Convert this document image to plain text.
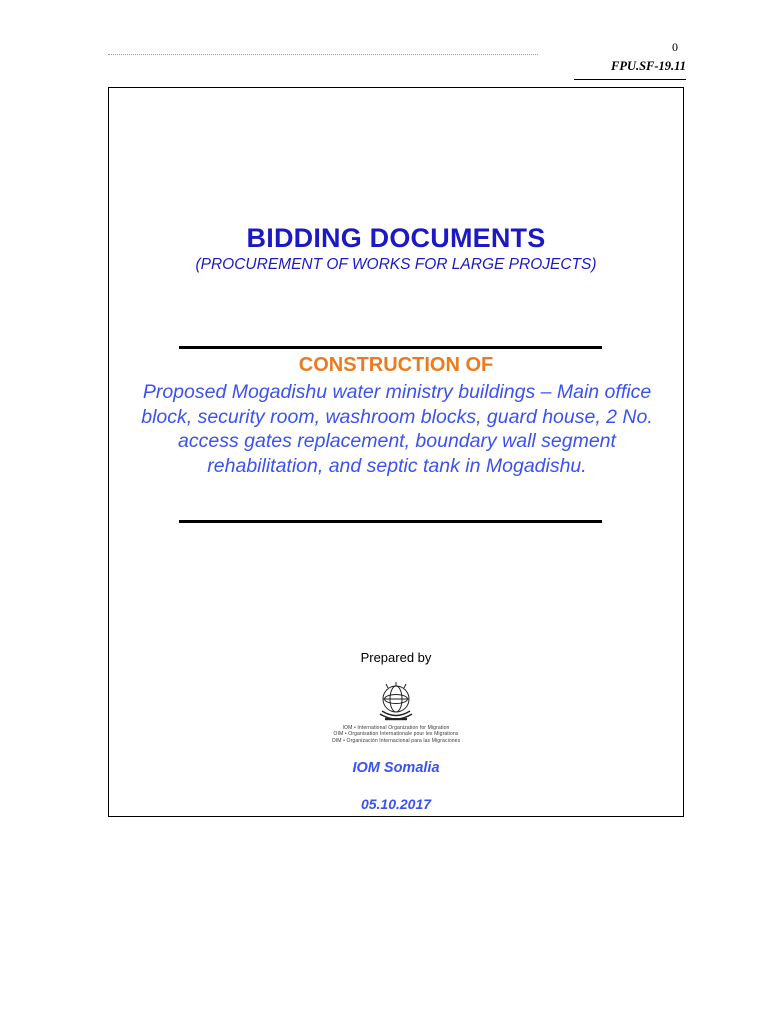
0
FPU.SF-19.11
BIDDING DOCUMENTS
(PROCUREMENT OF WORKS FOR LARGE PROJECTS)
CONSTRUCTION OF
Proposed Mogadishu water ministry buildings – Main office block, security room, washroom blocks, guard house, 2 No. access gates replacement, boundary wall segment rehabilitation, and septic tank in Mogadishu.
Prepared by
IOM • International Organization for Migration
OIM • Organisation Internationale pour les Migrations
OIM • Organización Internacional para las Migraciones
IOM Somalia
05.10.2017
